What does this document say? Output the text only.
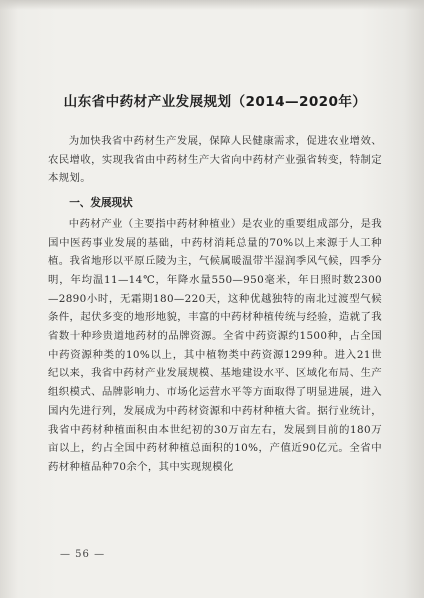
山东省中药材产业发展规划（2014—2020年）

为加快我省中药材生产发展，保障人民健康需求，促进农业增效、农民增收，实现我省由中药材生产大省向中药材产业强省转变，特制定本规划。

一、发展现状

中药材产业（主要指中药材种植业）是农业的重要组成部分，是我国中医药事业发展的基础，中药材消耗总量的70%以上来源于人工种植。我省地形以平原丘陵为主，气候属暖温带半湿润季风气候，四季分明，年均温11—14℃，年降水量550—950毫米，年日照时数2300—2890小时，无霜期180—220天，这种优越独特的南北过渡型气候条件，起伏多变的地形地貌，丰富的中药材种植传统与经验，造就了我省数十种珍贵道地药材的品牌资源。全省中药资源约1500种，占全国中药资源种类的10%以上，其中植物类中药资源1299种。进入21世纪以来，我省中药材产业发展规模、基地建设水平、区域化布局、生产组织模式、品牌影响力、市场化运营水平等方面取得了明显进展，进入国内先进行列，发展成为中药材资源和中药材种植大省。据行业统计，我省中药材种植面积由本世纪初的30万亩左右，发展到目前的180万亩以上，约占全国中药材种植总面积的10%，产值近90亿元。全省中药材种植品种70余个，其中实现规模化

— 56 —
